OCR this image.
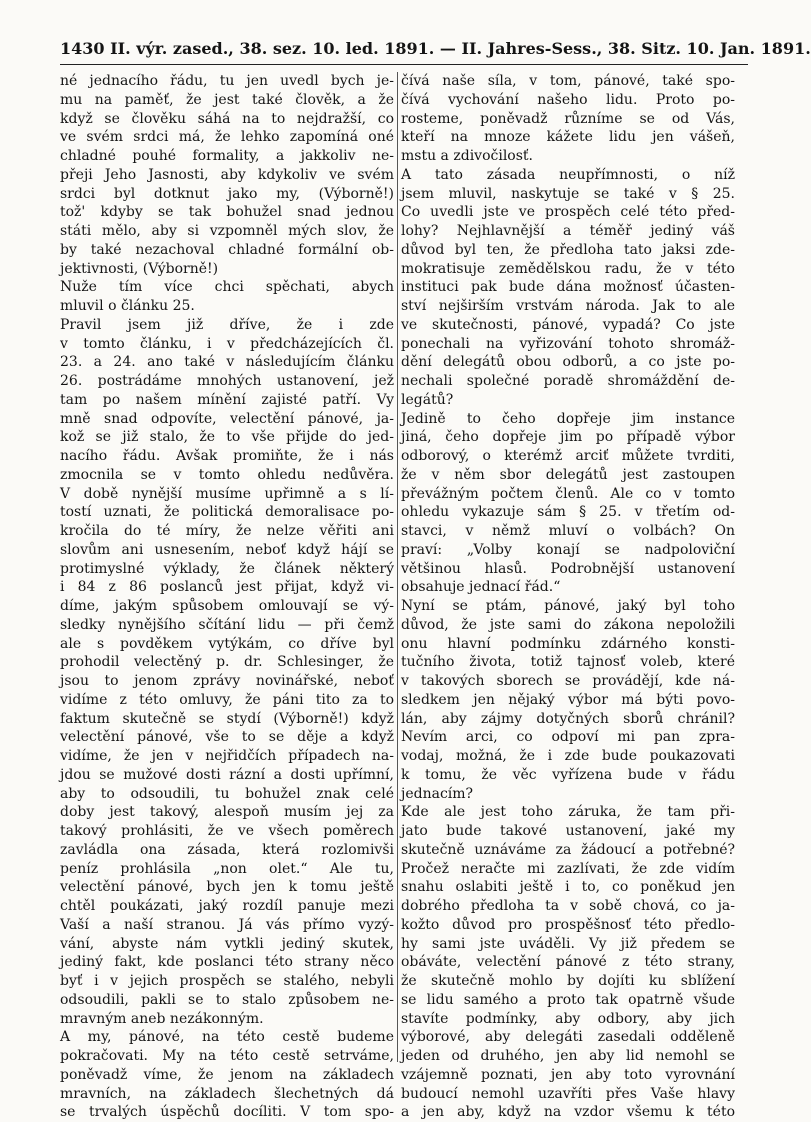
1430 II. výr. zased., 38. sez. 10. led. 1891. — II. Jahres-Sess., 38. Sitz. 10. Jan. 1891.
né jednacího řádu, tu jen uvedl bych je-
mu na paměť, že jest také člověk, a že
když se člověku sáhá na to nejdražší, co
ve svém srdci má, že lehko zapomíná oné
chladné pouhé formality, a jakkoliv ne-
přeji Jeho Jasnosti, aby kdykoliv ve svém
srdci byl dotknut jako my, (Výborně!)
tož' kdyby se tak bohužel snad jednou
státi mělo, aby si vzpomněl mých slov, že
by také nezachoval chladné formální ob-
jektivnosti, (Výborně!)
Nuže tím více chci spěchati, abych
mluvil o článku 25.
Pravil jsem již dříve, že i zde
v tomto článku, i v předcházejících čl.
23. a 24. ano také v následujícím článku
26. postrádáme mnohých ustanovení, jež
tam po našem mínění zajisté patří. Vy
mně snad odpovíte, velectění pánové, ja-
kož se již stalo, že to vše přijde do jed-
nacího řádu. Avšak promiňte, že i nás
zmocnila se v tomto ohledu nedůvěra.
V době nynější musíme upřimně a s lí-
tostí uznati, že politická demoralisace po-
kročila do té míry, že nelze věřiti ani
slovům ani usnesením, neboť když hájí se
protimyslné výklady, že článek některý
i 84 z 86 poslanců jest přijat, když vi-
díme, jakým spůsobem omlouvají se vý-
sledky nynějšího sčítání lidu — při čemž
ale s povděkem vytýkám, co dříve byl
prohodil velectěný p. dr. Schlesinger, že
jsou to jenom zprávy novinářské, neboť
vidíme z této omluvy, že páni tito za to
faktum skutečně se stydí (Výborně!) když
velectění pánové, vše to se děje a když
vidíme, že jen v nejřidčích případech na-
jdou se mužové dosti rázní a dosti upřímní,
aby to odsoudili, tu bohužel znak celé
doby jest takový, alespoň musím jej za
takový prohlásiti, že ve všech poměrech
zavládla ona zásada, která rozlomivši
peníz prohlásila „non olet.“ Ale tu,
velectění pánové, bych jen k tomu ještě
chtěl poukázati, jaký rozdíl panuje mezi
Vaší a naší stranou. Já vás přímo vyzý-
vání, abyste nám vytkli jediný skutek,
jediný fakt, kde poslanci této strany něco
byť i v jejich prospěch se stalého, nebyli
odsoudili, pakli se to stalo způsobem ne-
mravným aneb nezákonným.
A my, pánové, na této cestě budeme
pokračovati. My na této cestě setrváme,
poněvadž víme, že jenom na základech
mravních, na základech šlechetných dá
se trvalých úspěchů docíliti. V tom spo-
čívá naše síla, v tom, pánové, také spo-
čívá vychování našeho lidu. Proto po-
rosteme, poněvadž různíme se od Vás,
kteří na mnoze kážete lidu jen vášeň,
mstu a zdivočilosť.
A tato zásada neupřímnosti, o níž
jsem mluvil, naskytuje se také v § 25.
Co uvedli jste ve prospěch celé této před-
lohy? Nejhlavnější a téměř jediný váš
důvod byl ten, že předloha tato jaksi zde-
mokratisuje zemědělskou radu, že v této
instituci pak bude dána možnosť účasten-
ství nejširším vrstvám národa. Jak to ale
ve skutečnosti, pánové, vypadá? Co jste
ponechali na vyřizování tohoto shromáž-
dění delegátů obou odborů, a co jste po-
nechali společné poradě shromáždění de-
legátů?
Jedině to čeho dopřeje jim instance
jiná, čeho dopřeje jim po případě výbor
odborový, o kterémž arciť můžete tvrditi,
že v něm sbor delegátů jest zastoupen
převážným počtem členů. Ale co v tomto
ohledu vykazuje sám § 25. v třetím od-
stavci, v němž mluví o volbách? On
praví: „Volby konají se nadpoloviční
většinou hlasů. Podrobnější ustanovení
obsahuje jednací řád.“
Nyní se ptám, pánové, jaký byl toho
důvod, že jste sami do zákona nepoložili
onu hlavní podmínku zdárného konsti-
tučního života, totiž tajnosť voleb, které
v takových sborech se provádějí, kde ná-
sledkem jen nějaký výbor má býti povo-
lán, aby zájmy dotyčných sborů chránil?
Nevím arci, co odpoví mi pan zpra-
vodaj, možná, že i zde bude poukazovati
k tomu, že věc vyřízena bude v řádu
jednacím?
Kde ale jest toho záruka, že tam při-
jato bude takové ustanovení, jaké my
skutečně uznáváme za žádoucí a potřebné?
Pročež neračte mi zazlívati, že zde vidím
snahu oslabiti ještě i to, co poněkud jen
dobrého předloha ta v sobě chová, co ja-
kožto důvod pro prospěšnosť této předlo-
hy sami jste uváděli. Vy již předem se
obáváte, velectění pánové z této strany,
že skutečně mohlo by dojíti ku sblížení
se lidu samého a proto tak opatrně všude
stavíte podmínky, aby odbory, aby jich
výborové, aby delegáti zasedali odděleně
jeden od druhého, jen aby lid nemohl se
vzájemně poznati, jen aby toto vyrovnání
budoucí nemohl uzavříti přes Vaše hlavy
a jen aby, když na vzdor všemu k této
